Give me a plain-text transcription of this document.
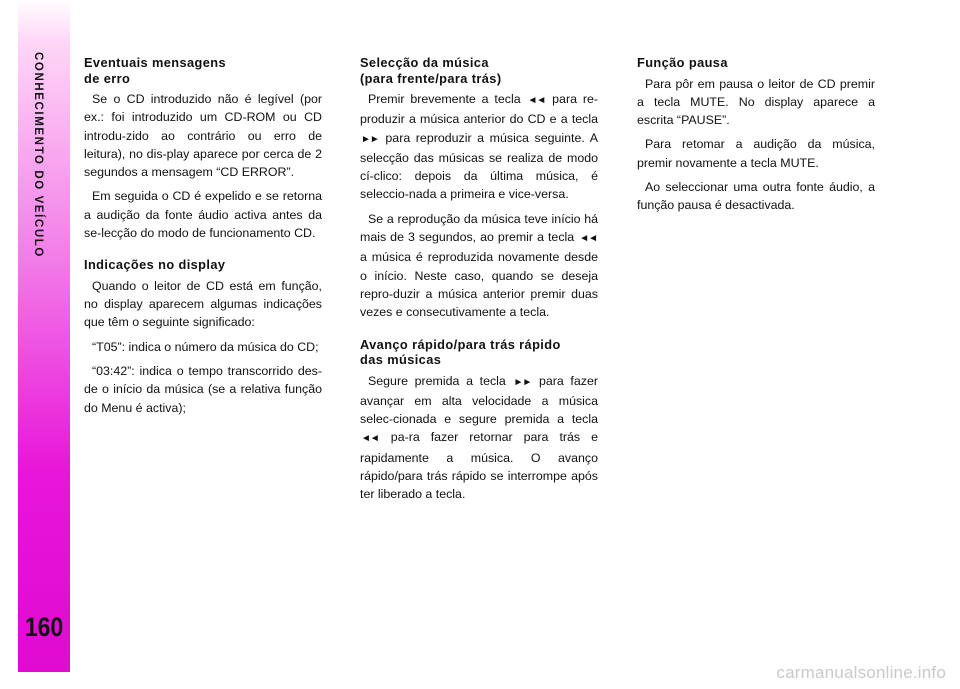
CONHECIMENTO DO VEÍCULO
160
Eventuais mensagens
de erro

Se o CD introduzido não é legível (por ex.: foi introduzido um CD-ROM ou CD introdu-zido ao contrário ou erro de leitura), no dis-play aparece por cerca de 2 segundos a mensagem “CD ERROR”.

Em seguida o CD é expelido e se retorna a audição da fonte áudio activa antes da se-lecção do modo de funcionamento CD.

Indicações no display

Quando o leitor de CD está em função, no display aparecem algumas indicações que têm o seguinte significado:

“T05”: indica o número da música do CD;

“03:42”: indica o tempo transcorrido des-de o início da música (se a relativa função do Menu é activa);

Selecção da música
(para frente/para trás)

Premir brevemente a tecla ◄◄ para re-produzir a música anterior do CD e a tecla ►► para reproduzir a música seguinte. A selecção das músicas se realiza de modo cí-clico: depois da última música, é seleccio-nada a primeira e vice-versa.

Se a reprodução da música teve início há mais de 3 segundos, ao premir a tecla ◄◄ a música é reproduzida novamente desde o início. Neste caso, quando se deseja repro-duzir a música anterior premir duas vezes e consecutivamente a tecla.

Avanço rápido/para trás rápido
das músicas

Segure premida a tecla ►► para fazer avançar em alta velocidade a música selec-cionada e segure premida a tecla ◄◄ pa-ra fazer retornar para trás e rapidamente a música. O avanço rápido/para trás rápido se interrompe após ter liberado a tecla.

Função pausa

Para pôr em pausa o leitor de CD premir a tecla MUTE. No display aparece a escrita “PAUSE”.

Para retomar a audição da música, premir novamente a tecla MUTE.

Ao seleccionar uma outra fonte áudio, a função pausa é desactivada.

carmanualsonline.info
